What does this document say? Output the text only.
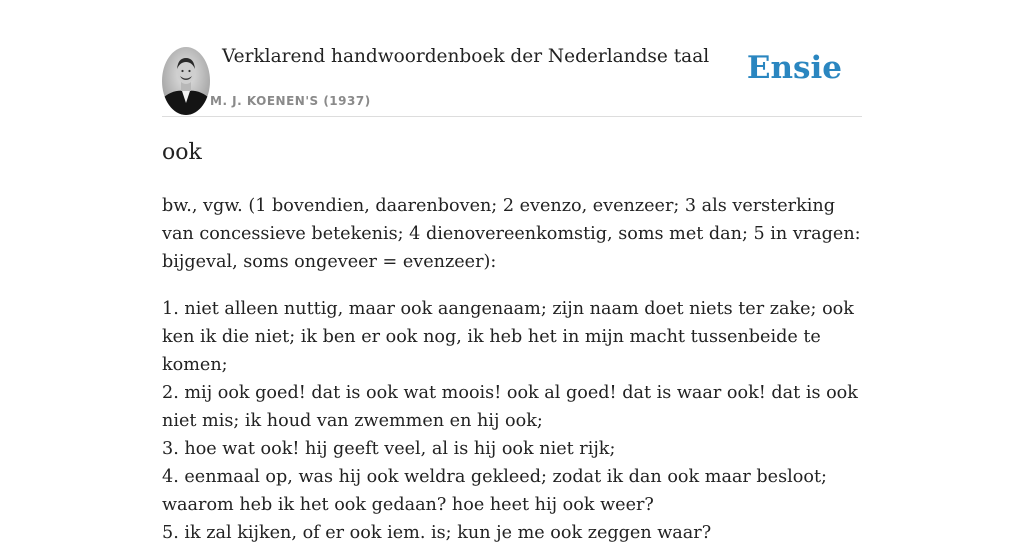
Verklarend handwoordenboek der Nederlandse taal
M. J. KOENEN'S (1937)
Ensie
ook

bw., vgw. (1 bovendien, daarenboven; 2 evenzo, evenzeer; 3 als versterking van concessieve betekenis; 4 dienovereenkomstig, soms met dan; 5 in vragen: bijgeval, soms ongeveer = evenzeer):

1. niet alleen nuttig, maar ook aangenaam; zijn naam doet niets ter zake; ook ken ik die niet; ik ben er ook nog, ik heb het in mijn macht tussenbeide te komen;
2. mij ook goed! dat is ook wat moois! ook al goed! dat is waar ook! dat is ook niet mis; ik houd van zwemmen en hij ook;
3. hoe wat ook! hij geeft veel, al is hij ook niet rijk;
4. eenmaal op, was hij ook weldra gekleed; zodat ik dan ook maar besloot; waarom heb ik het ook gedaan? hoe heet hij ook weer?
5. ik zal kijken, of er ook iem. is; kun je me ook zeggen waar?
